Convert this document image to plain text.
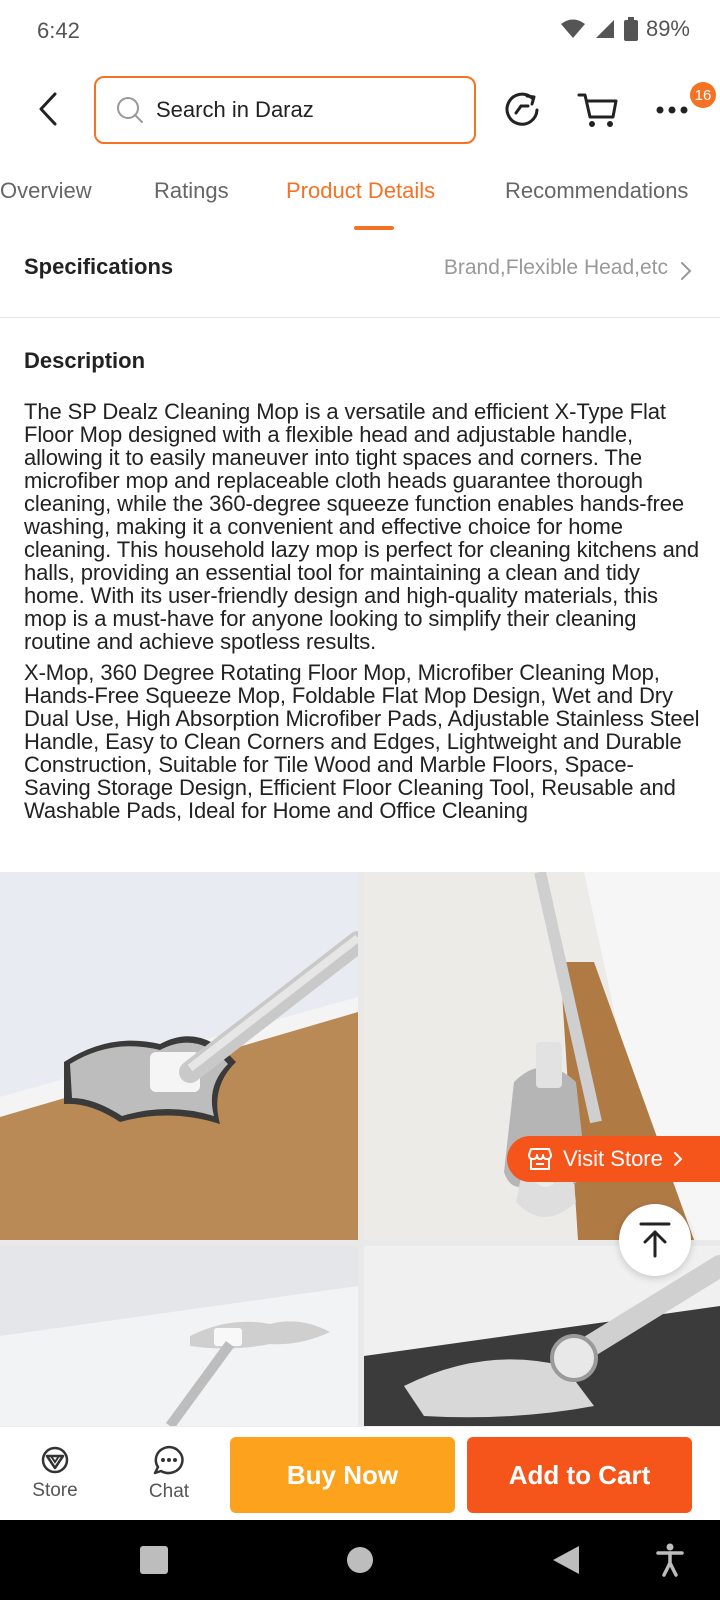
6:42	89%
Search in Daraz
16
Overview	Ratings	Product Details	Recommendations
Specifications	Brand,Flexible Head,etc
Description

The SP Dealz Cleaning Mop is a versatile and efficient X-Type Flat Floor Mop designed with a flexible head and adjustable handle, allowing it to easily maneuver into tight spaces and corners. The microfiber mop and replaceable cloth heads guarantee thorough cleaning, while the 360-degree squeeze function enables hands-free washing, making it a convenient and effective choice for home cleaning. This household lazy mop is perfect for cleaning kitchens and halls, providing an essential tool for maintaining a clean and tidy home. With its user-friendly design and high-quality materials, this mop is a must-have for anyone looking to simplify their cleaning routine and achieve spotless results.

X-Mop, 360 Degree Rotating Floor Mop, Microfiber Cleaning Mop, Hands-Free Squeeze Mop, Foldable Flat Mop Design, Wet and Dry Dual Use, High Absorption Microfiber Pads, Adjustable Stainless Steel Handle, Easy to Clean Corners and Edges, Lightweight and Durable Construction, Suitable for Tile Wood and Marble Floors, Space-Saving Storage Design, Efficient Floor Cleaning Tool, Reusable and Washable Pads, Ideal for Home and Office Cleaning

Visit Store
Store	Chat
Buy Now	Add to Cart
